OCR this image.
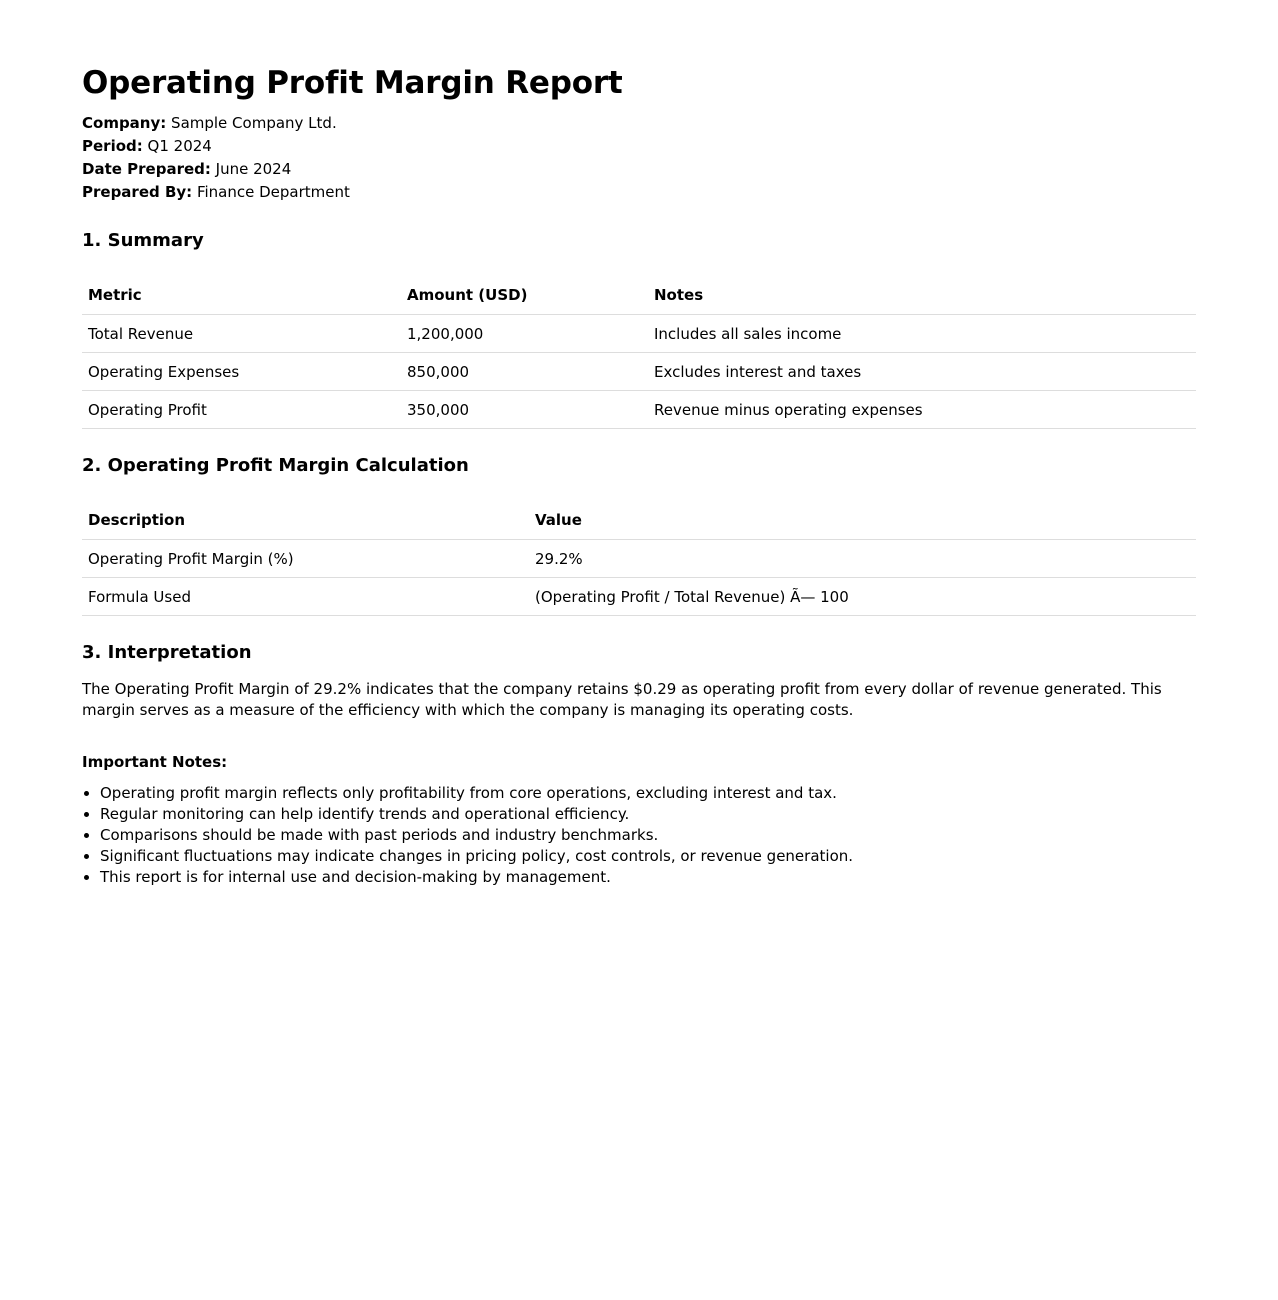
Operating Profit Margin Report
Company: Sample Company Ltd.
Period: Q1 2024
Date Prepared: June 2024
Prepared By: Finance Department
1. Summary
Metric	Amount (USD)	Notes
Total Revenue	1,200,000	Includes all sales income
Operating Expenses	850,000	Excludes interest and taxes
Operating Profit	350,000	Revenue minus operating expenses
2. Operating Profit Margin Calculation
Description	Value
Operating Profit Margin (%)	29.2%
Formula Used	(Operating Profit / Total Revenue) Ã— 100
3. Interpretation

The Operating Profit Margin of 29.2% indicates that the company retains $0.29 as operating profit from every dollar of revenue generated. This margin serves as a measure of the efficiency with which the company is managing its operating costs.

Important Notes:
• Operating profit margin reflects only profitability from core operations, excluding interest and tax.
• Regular monitoring can help identify trends and operational efficiency.
• Comparisons should be made with past periods and industry benchmarks.
• Significant fluctuations may indicate changes in pricing policy, cost controls, or revenue generation.
• This report is for internal use and decision-making by management.
